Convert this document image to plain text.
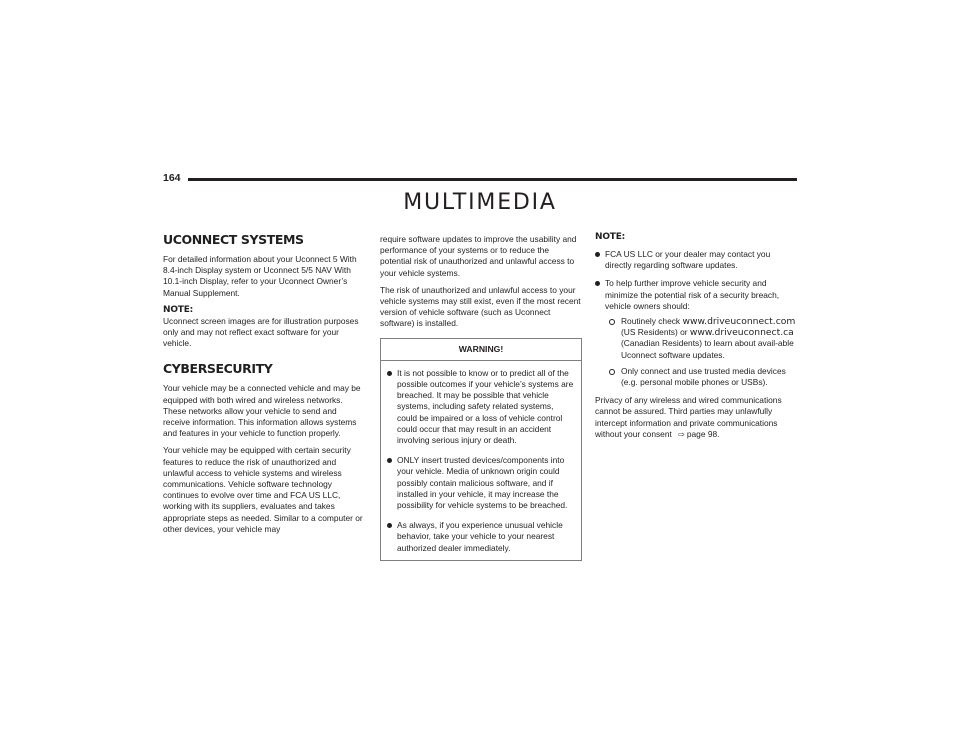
164
MULTIMEDIA
UCONNECT SYSTEMS

For detailed information about your Uconnect 5 With 8.4-inch Display system or Uconnect 5/5 NAV With 10.1-inch Display, refer to your Uconnect Owner’s Manual Supplement.

NOTE:

Uconnect screen images are for illustration purposes only and may not reflect exact software for your vehicle.

CYBERSECURITY

Your vehicle may be a connected vehicle and may be equipped with both wired and wireless networks. These networks allow your vehicle to send and receive information. This information allows systems and features in your vehicle to function properly.

Your vehicle may be equipped with certain security features to reduce the risk of unauthorized and unlawful access to vehicle systems and wireless communications. Vehicle software technology continues to evolve over time and FCA US LLC, working with its suppliers, evaluates and takes appropriate steps as needed. Similar to a computer or other devices, your vehicle may

require software updates to improve the usability and performance of your systems or to reduce the potential risk of unauthorized and unlawful access to your vehicle systems.

The risk of unauthorized and unlawful access to your vehicle systems may still exist, even if the most recent version of vehicle software (such as Uconnect software) is installed.

WARNING!
It is not possible to know or to predict all of the possible outcomes if your vehicle’s systems are breached. It may be possible that vehicle systems, including safety related systems, could be impaired or a loss of vehicle control could occur that may result in an accident involving serious injury or death.
ONLY insert trusted devices/components into your vehicle. Media of unknown origin could possibly contain malicious software, and if installed in your vehicle, it may increase the possibility for vehicle systems to be breached.
As always, if you experience unusual vehicle behavior, take your vehicle to your nearest authorized dealer immediately.
NOTE:
FCA US LLC or your dealer may contact you directly regarding software updates.
To help further improve vehicle security and minimize the potential risk of a security breach, vehicle owners should:
Routinely check www.driveuconnect.com
(US Residents) or www.driveuconnect.ca
(Canadian Residents) to learn about avail-able Uconnect software updates.
Only connect and use trusted media devices (e.g. personal mobile phones or USBs).

Privacy of any wireless and wired communications cannot be assured. Third parties may unlawfully intercept information and private communications without your consent ⇨ page 98.
